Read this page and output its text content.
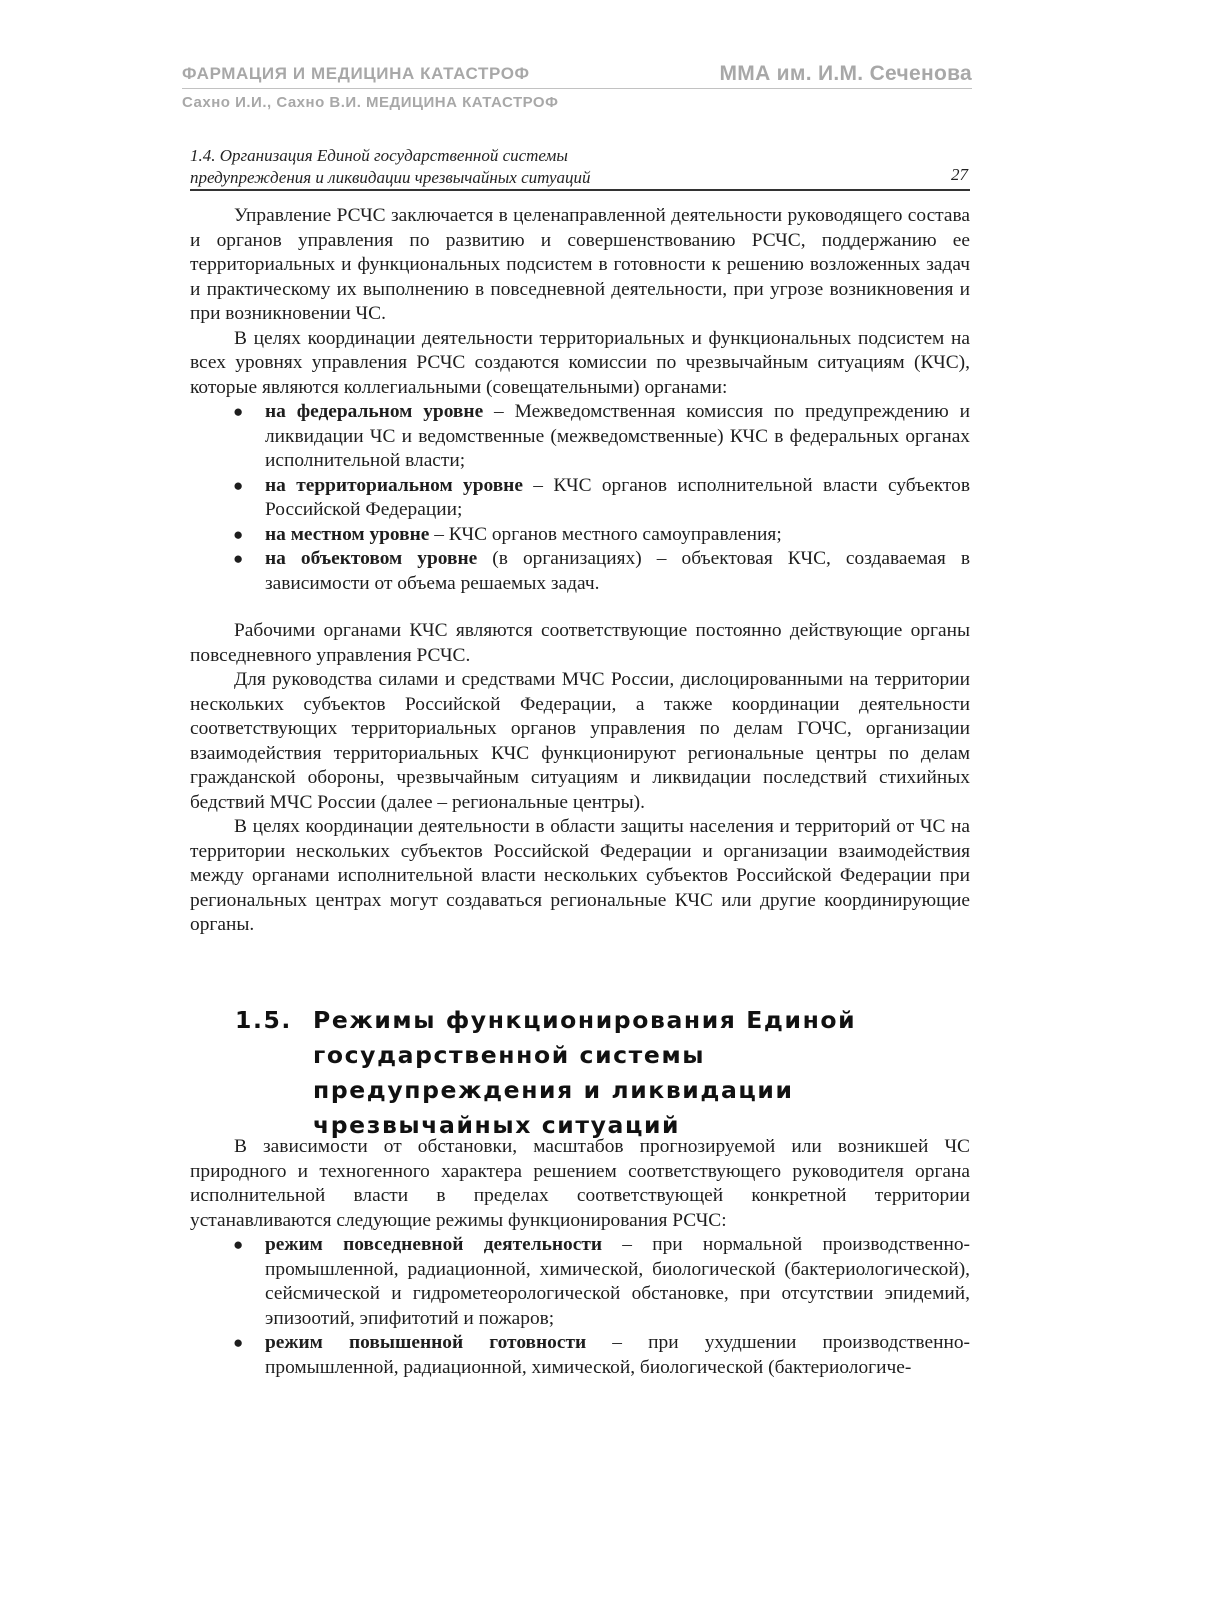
ФАРМАЦИЯ И МЕДИЦИНА КАТАСТРОФ	ММА им. И.М. Сеченова
Сахно И.И., Сахно В.И. МЕДИЦИНА КАТАСТРОФ
1.4. Организация Единой государственной системы
предупреждения и ликвидации чрезвычайных ситуаций	27

Управление РСЧС заключается в целенаправленной деятельности руководящего состава и органов управления по развитию и совершенствованию РСЧС, поддержанию ее территориальных и функциональных подсистем в готовности к решению возложенных задач и практическому их выполнению в повседневной деятельности, при угрозе возникновения и при возникновении ЧС.

В целях координации деятельности территориальных и функциональных подсистем на всех уровнях управления РСЧС создаются комиссии по чрезвычайным ситуациям (КЧС), которые являются коллегиальными (совещательными) органами:

● на федеральном уровне – Межведомственная комиссия по предупреждению и ликвидации ЧС и ведомственные (межведомственные) КЧС в федеральных органах исполнительной власти;
● на территориальном уровне – КЧС органов исполнительной власти субъектов Российской Федерации;
● на местном уровне – КЧС органов местного самоуправления;
● на объектовом уровне (в организациях) – объектовая КЧС, создаваемая в зависимости от объема решаемых задач.

Рабочими органами КЧС являются соответствующие постоянно действующие органы повседневного управления РСЧС.

Для руководства силами и средствами МЧС России, дислоцированными на территории нескольких субъектов Российской Федерации, а также координации деятельности соответствующих территориальных органов управления по делам ГОЧС, организации взаимодействия территориальных КЧС функционируют региональные центры по делам гражданской обороны, чрезвычайным ситуациям и ликвидации последствий стихийных бедствий МЧС России (далее – региональные центры).

В целях координации деятельности в области защиты населения и территорий от ЧС на территории нескольких субъектов Российской Федерации и организации взаимодействия между органами исполнительной власти нескольких субъектов Российской Федерации при региональных центрах могут создаваться региональные КЧС или другие координирующие органы.

1.5. Режимы функционирования Единой
государственной системы
предупреждения и ликвидации
чрезвычайных ситуаций

В зависимости от обстановки, масштабов прогнозируемой или возникшей ЧС природного и техногенного характера решением соответствующего руководителя органа исполнительной власти в пределах соответствующей конкретной территории устанавливаются следующие режимы функционирования РСЧС:

● режим повседневной деятельности – при нормальной производственно-промышленной, радиационной, химической, биологической (бактериологической), сейсмической и гидрометеорологической обстановке, при отсутствии эпидемий, эпизоотий, эпифитотий и пожаров;
● режим повышенной готовности – при ухудшении производственно-промышленной, радиационной, химической, биологической (бактериологиче-
